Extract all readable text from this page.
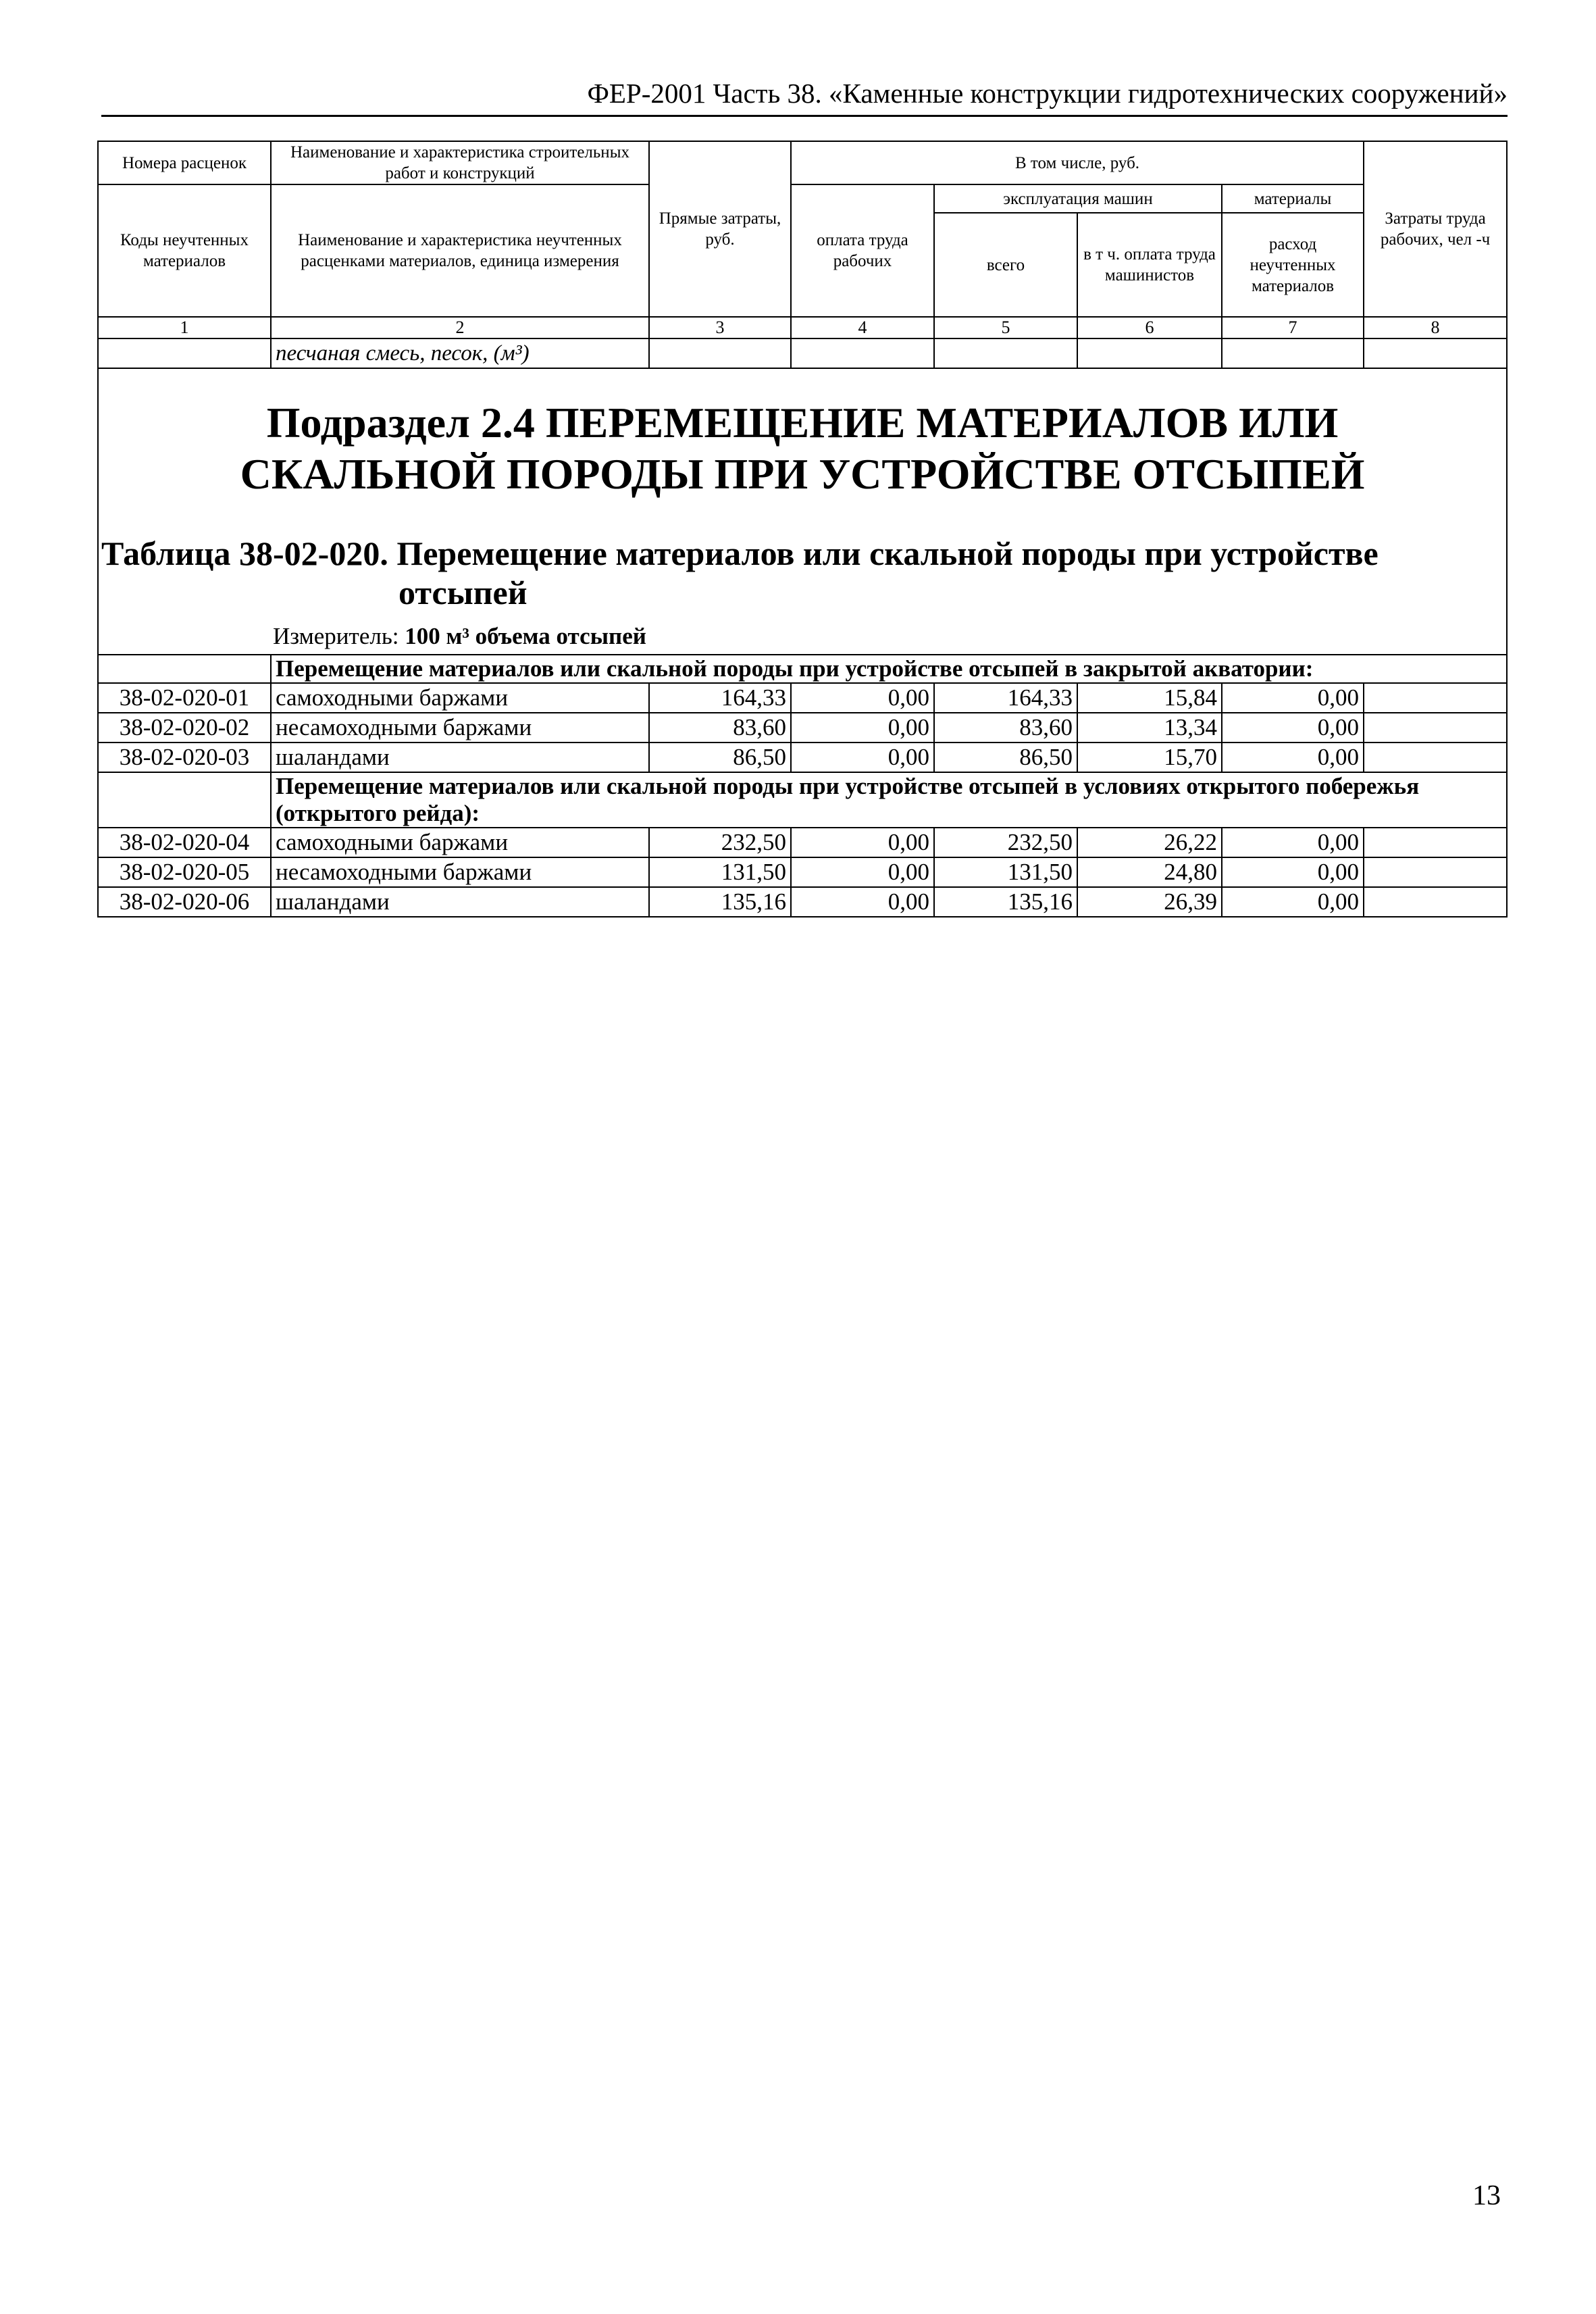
ФЕР-2001 Часть 38. «Каменные конструкции гидротехнических сооружений»
Номера расценок	Наименование и характеристика строительных работ и конструкций	Прямые затраты, руб.	В том числе, руб.				Затраты труда рабочих, чел -ч
Коды неучтенных материалов	Наименование и характеристика неучтенных расценками материалов, единица измерения		оплата труда рабочих	эксплуатация машин		материалы	
				всего	в т ч. оплата труда машинистов	расход неучтенных материалов	
1	2	3	4	5	6	7	8
	песчаная смесь, песок, (м³)						

Подраздел 2.4 ПЕРЕМЕЩЕНИЕ МАТЕРИАЛОВ ИЛИ СКАЛЬНОЙ ПОРОДЫ ПРИ УСТРОЙСТВЕ ОТСЫПЕЙ
Таблица 38-02-020. Перемещение материалов или скальной породы при устройстве отсыпей
Измеритель: 100 м³ объема отсыпей							

	Перемещение материалов или скальной породы при устройстве отсыпей в закрытой акватории:						
38-02-020-01	самоходными баржами	164,33	0,00	164,33	15,84	0,00	
38-02-020-02	несамоходными баржами	83,60	0,00	83,60	13,34	0,00	
38-02-020-03	шаландами	86,50	0,00	86,50	15,70	0,00	
	Перемещение материалов или скальной породы при устройстве отсыпей в условиях открытого побережья (открытого рейда):						
38-02-020-04	самоходными баржами	232,50	0,00	232,50	26,22	0,00	
38-02-020-05	несамоходными баржами	131,50	0,00	131,50	24,80	0,00	
38-02-020-06	шаландами	135,16	0,00	135,16	26,39	0,00	
13
